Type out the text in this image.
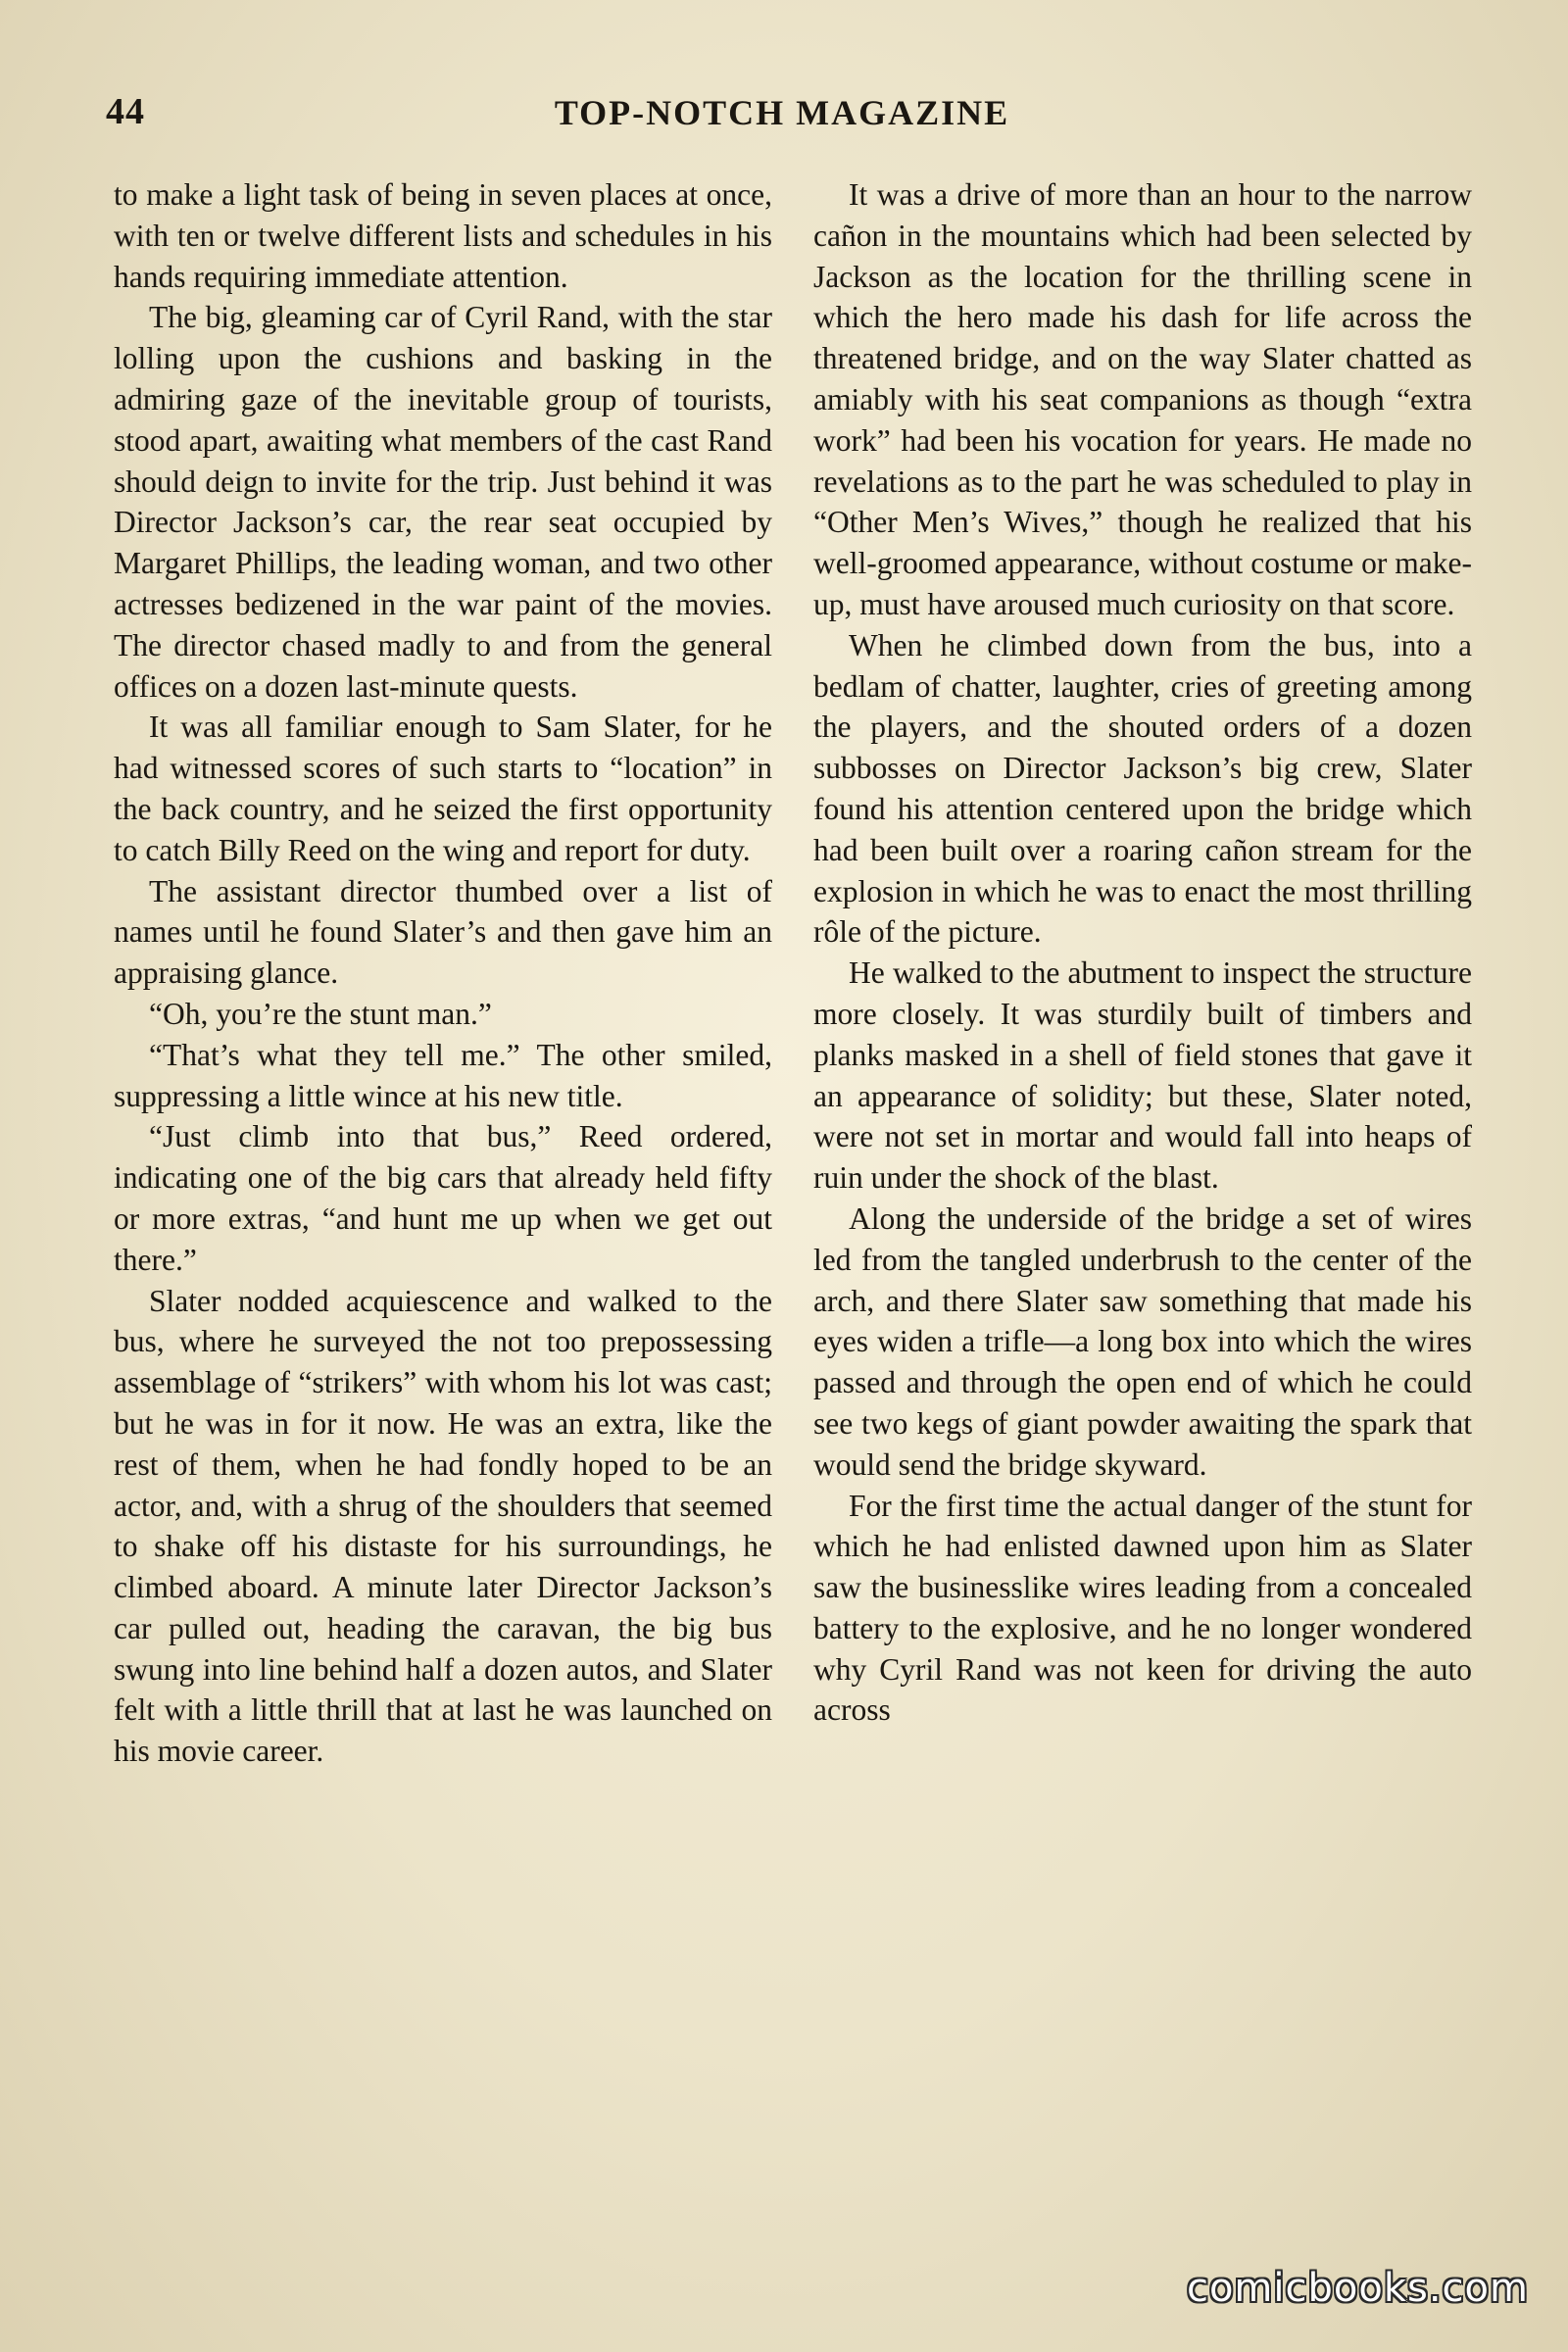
44	TOP-NOTCH MAGAZINE

to make a light task of being in seven places at once, with ten or twelve different lists and schedules in his hands requiring immediate attention.

The big, gleaming car of Cyril Rand, with the star lolling upon the cushions and basking in the admiring gaze of the inevitable group of tourists, stood apart, awaiting what members of the cast Rand should deign to invite for the trip. Just behind it was Director Jackson’s car, the rear seat occupied by Margaret Phillips, the leading woman, and two other actresses bedizened in the war paint of the movies. The director chased madly to and from the general offices on a dozen last-minute quests.

It was all familiar enough to Sam Slater, for he had witnessed scores of such starts to “location” in the back country, and he seized the first opportunity to catch Billy Reed on the wing and report for duty.

The assistant director thumbed over a list of names until he found Slater’s and then gave him an appraising glance.

“Oh, you’re the stunt man.”

“That’s what they tell me.” The other smiled, suppressing a little wince at his new title.

“Just climb into that bus,” Reed ordered, indicating one of the big cars that already held fifty or more extras, “and hunt me up when we get out there.”

Slater nodded acquiescence and walked to the bus, where he surveyed the not too prepossessing assemblage of “strikers” with whom his lot was cast; but he was in for it now. He was an extra, like the rest of them, when he had fondly hoped to be an actor, and, with a shrug of the shoulders that seemed to shake off his distaste for his surroundings, he climbed aboard. A minute later Director Jackson’s car pulled out, heading the caravan, the big bus swung into line behind half a dozen autos, and Slater felt with a little thrill that at last he was launched on his movie career.

It was a drive of more than an hour to the narrow cañon in the mountains which had been selected by Jackson as the location for the thrilling scene in which the hero made his dash for life across the threatened bridge, and on the way Slater chatted as amiably with his seat companions as though “extra work” had been his vocation for years. He made no revelations as to the part he was scheduled to play in “Other Men’s Wives,” though he realized that his well-groomed appearance, without costume or make-up, must have aroused much curiosity on that score.

When he climbed down from the bus, into a bedlam of chatter, laughter, cries of greeting among the players, and the shouted orders of a dozen subbosses on Director Jackson’s big crew, Slater found his attention centered upon the bridge which had been built over a roaring cañon stream for the explosion in which he was to enact the most thrilling rôle of the picture.

He walked to the abutment to inspect the structure more closely. It was sturdily built of timbers and planks masked in a shell of field stones that gave it an appearance of solidity; but these, Slater noted, were not set in mortar and would fall into heaps of ruin under the shock of the blast.

Along the underside of the bridge a set of wires led from the tangled underbrush to the center of the arch, and there Slater saw something that made his eyes widen a trifle—a long box into which the wires passed and through the open end of which he could see two kegs of giant powder awaiting the spark that would send the bridge skyward.

For the first time the actual danger of the stunt for which he had enlisted dawned upon him as Slater saw the businesslike wires leading from a concealed battery to the explosive, and he no longer wondered why Cyril Rand was not keen for driving the auto across

comicbooks.com
